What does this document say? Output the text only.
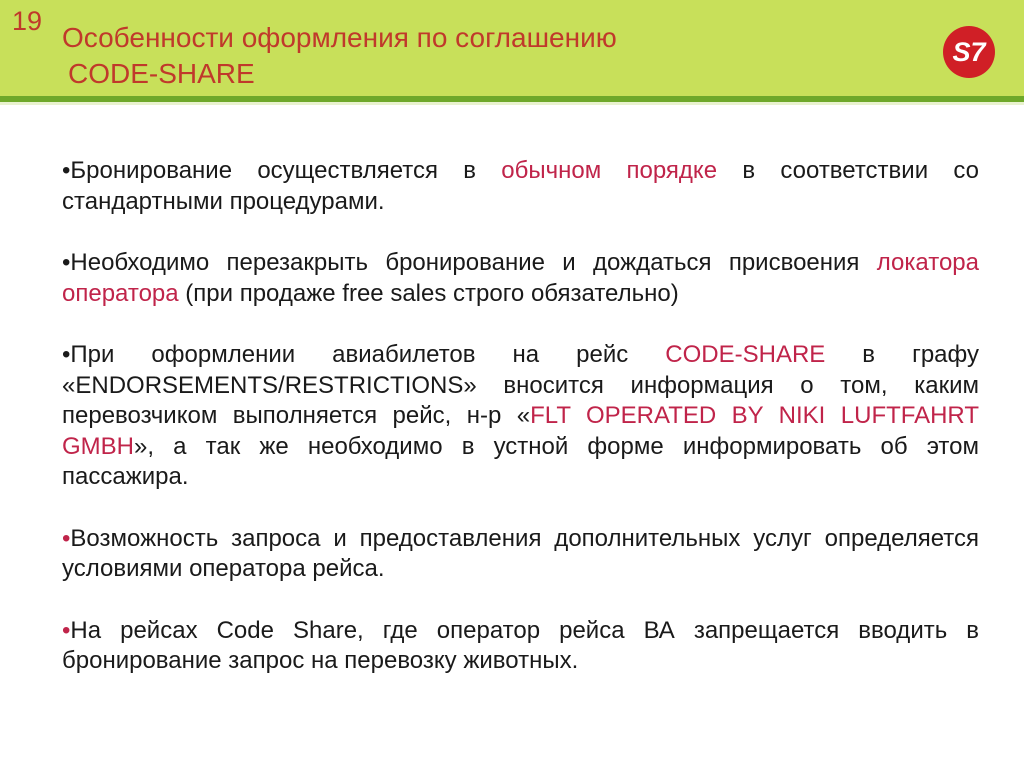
19
Особенности оформления по соглашению
CODE-SHARE
S7

•Бронирование осуществляется в обычном порядке в соответствии со стандартными процедурами.

•Необходимо перезакрыть бронирование и дождаться присвоения локатора оператора (при продаже free sales строго обязательно)

•При оформлении авиабилетов на рейс CODE-SHARE в графу «ENDORSEMENTS/RESTRICTIONS» вносится информация о том, каким перевозчиком выполняется рейс, н-р «FLT OPERATED BY NIKI LUFTFAHRT GMBH», а так же необходимо в устной форме информировать об этом пассажира.

•Возможность запроса и предоставления дополнительных услуг определяется условиями оператора рейса.

•На рейсах Code Share, где оператор рейса ВА запрещается вводить в бронирование запрос на перевозку животных.
